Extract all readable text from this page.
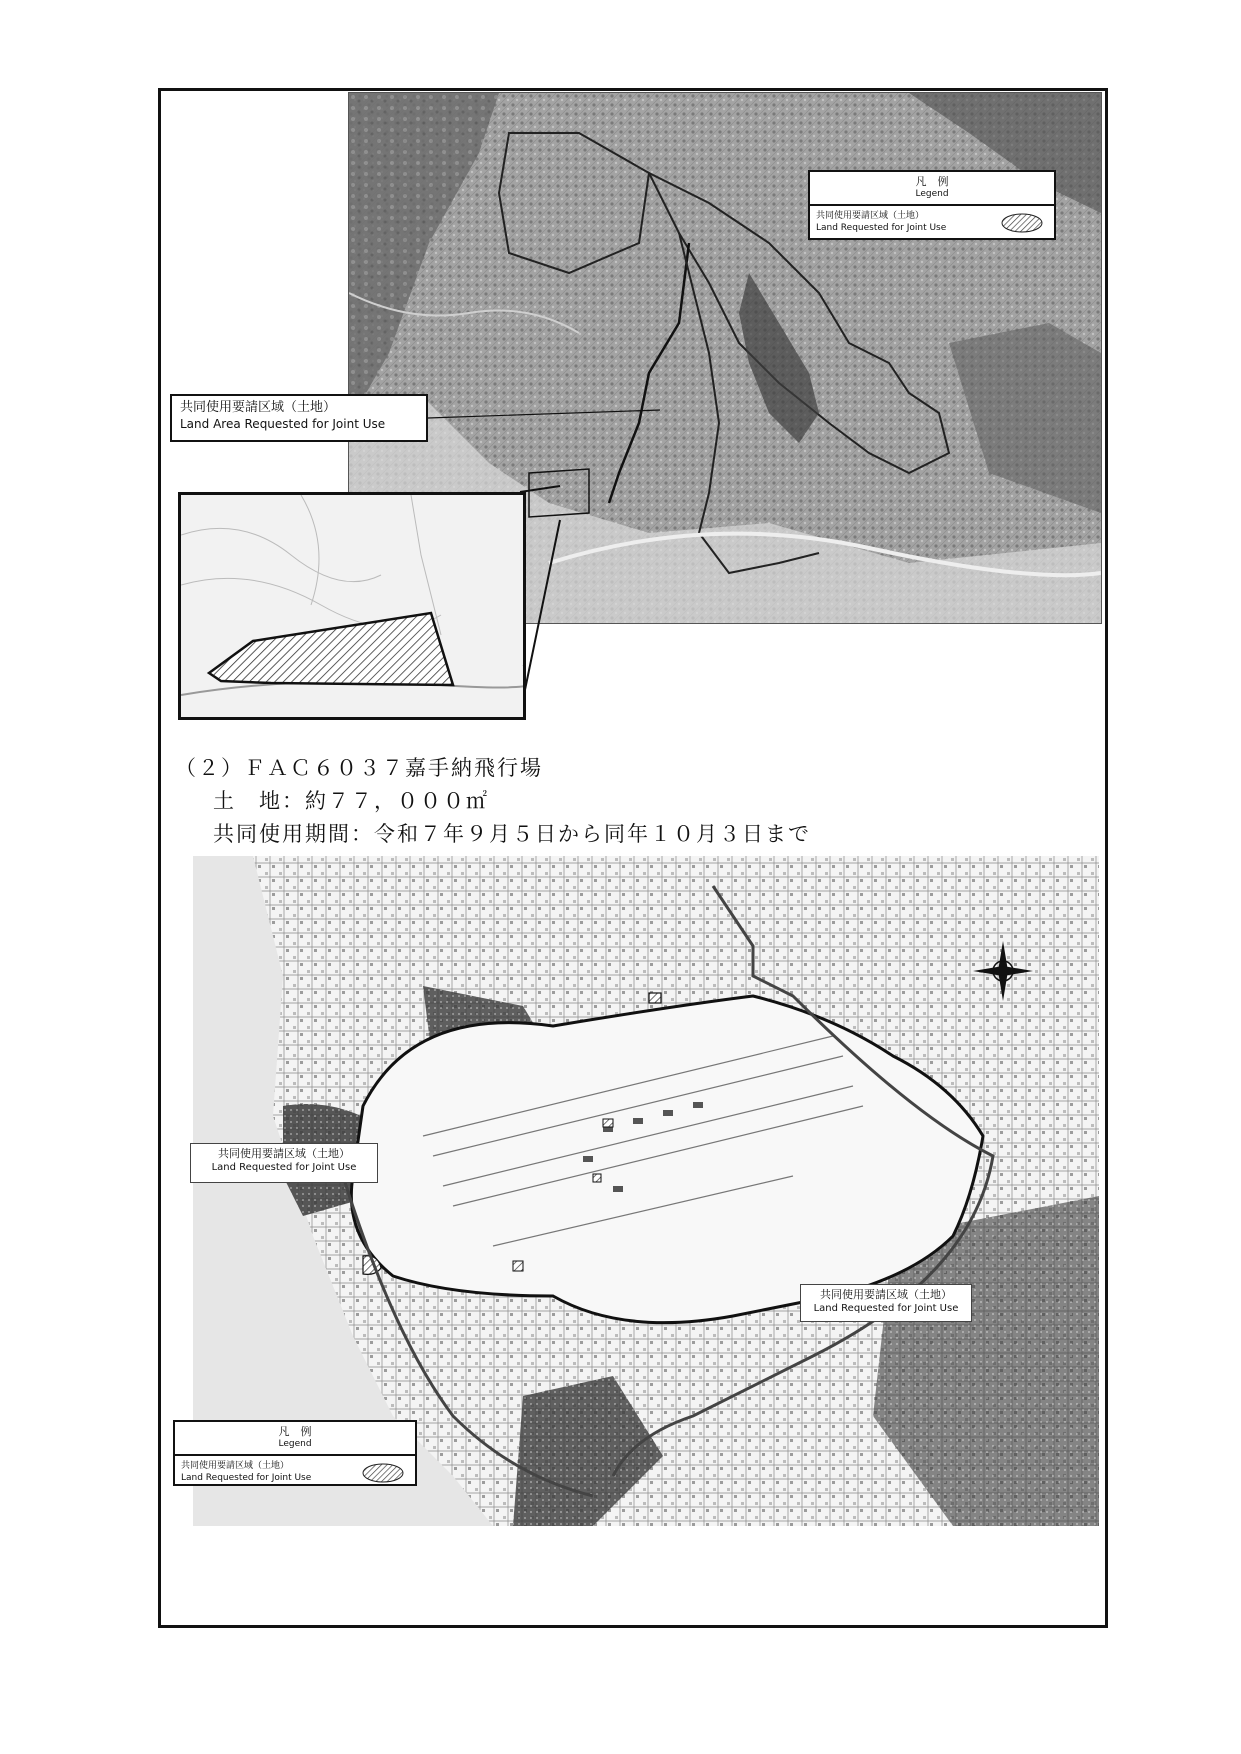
共同使用要請区域（土地）
Land Area Requested for Joint Use
凡　例
Legend
共同使用要請区域（土地）
Land Requested for Joint Use
（２）ＦＡＣ６０３７嘉手納飛行場
土　地：約７７，０００㎡
共同使用期間：令和７年９月５日から同年１０月３日まで
共同使用要請区域（土地）
Land Requested for Joint Use
共同使用要請区域（土地）
Land Requested for Joint Use
凡　例
Legend
共同使用要請区域（土地）
Land Requested for Joint Use
